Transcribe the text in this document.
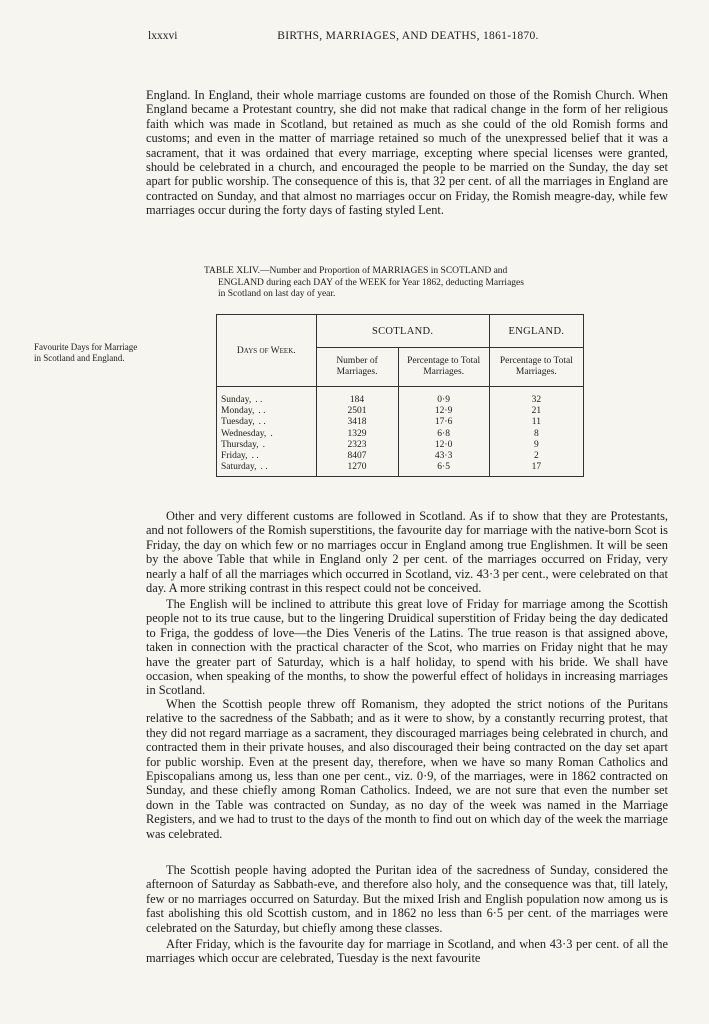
lxxxvi	BIRTHS, MARRIAGES, AND DEATHS, 1861-1870.

England. In England, their whole marriage customs are founded on those of the Romish Church. When England became a Protestant country, she did not make that radical change in the form of her religious faith which was made in Scotland, but retained as much as she could of the old Romish forms and customs; and even in the matter of marriage retained so much of the unexpressed belief that it was a sacrament, that it was ordained that every marriage, excepting where special licenses were granted, should be celebrated in a church, and encouraged the people to be married on the Sunday, the day set apart for public worship. The consequence of this is, that 32 per cent. of all the marriages in England are contracted on Sunday, and that almost no marriages occur on Friday, the Romish meagre-day, while few marriages occur during the forty days of fasting styled Lent.

Favourite Days for Marriage in Scotland and England.
TABLE XLIV.—Number and Proportion of MARRIAGES in SCOTLAND and
ENGLAND during each DAY of the WEEK for Year 1862, deducting Marriages
in Scotland on last day of year.
Days of Week.	SCOTLAND.		ENGLAND.
	Number of Marriages.	Percentage to Total Marriages.	Percentage to Total Marriages.
Sunday, . .	184	0·9	32
Monday, . .	2501	12·9	21
Tuesday, . .	3418	17·6	11
Wednesday, .	1329	6·8	8
Thursday, .	2323	12·0	9
Friday, . .	8407	43·3	2
Saturday, . .	1270	6·5	17

Other and very different customs are followed in Scotland. As if to show that they are Protestants, and not followers of the Romish superstitions, the favourite day for marriage with the native-born Scot is Friday, the day on which few or no marriages occur in England among true Englishmen. It will be seen by the above Table that while in England only 2 per cent. of the marriages occurred on Friday, very nearly a half of all the marriages which occurred in Scotland, viz. 43·3 per cent., were celebrated on that day. A more striking contrast in this respect could not be conceived.

The English will be inclined to attribute this great love of Friday for marriage among the Scottish people not to its true cause, but to the lingering Druidical superstition of Friday being the day dedicated to Friga, the goddess of love—the Dies Veneris of the Latins. The true reason is that assigned above, taken in connection with the practical character of the Scot, who marries on Friday night that he may have the greater part of Saturday, which is a half holiday, to spend with his bride. We shall have occasion, when speaking of the months, to show the powerful effect of holidays in increasing marriages in Scotland.

When the Scottish people threw off Romanism, they adopted the strict notions of the Puritans relative to the sacredness of the Sabbath; and as it were to show, by a constantly recurring protest, that they did not regard marriage as a sacrament, they discouraged marriages being celebrated in church, and contracted them in their private houses, and also discouraged their being contracted on the day set apart for public worship. Even at the present day, therefore, when we have so many Roman Catholics and Episcopalians among us, less than one per cent., viz. 0·9, of the marriages, were in 1862 contracted on Sunday, and these chiefly among Roman Catholics. Indeed, we are not sure that even the number set down in the Table was contracted on Sunday, as no day of the week was named in the Marriage Registers, and we had to trust to the days of the month to find out on which day of the week the marriage was celebrated.

The Scottish people having adopted the Puritan idea of the sacredness of Sunday, considered the afternoon of Saturday as Sabbath-eve, and therefore also holy, and the consequence was that, till lately, few or no marriages occurred on Saturday. But the mixed Irish and English population now among us is fast abolishing this old Scottish custom, and in 1862 no less than 6·5 per cent. of the marriages were celebrated on the Saturday, but chiefly among these classes.

After Friday, which is the favourite day for marriage in Scotland, and when 43·3 per cent. of all the marriages which occur are celebrated, Tuesday is the next favourite
